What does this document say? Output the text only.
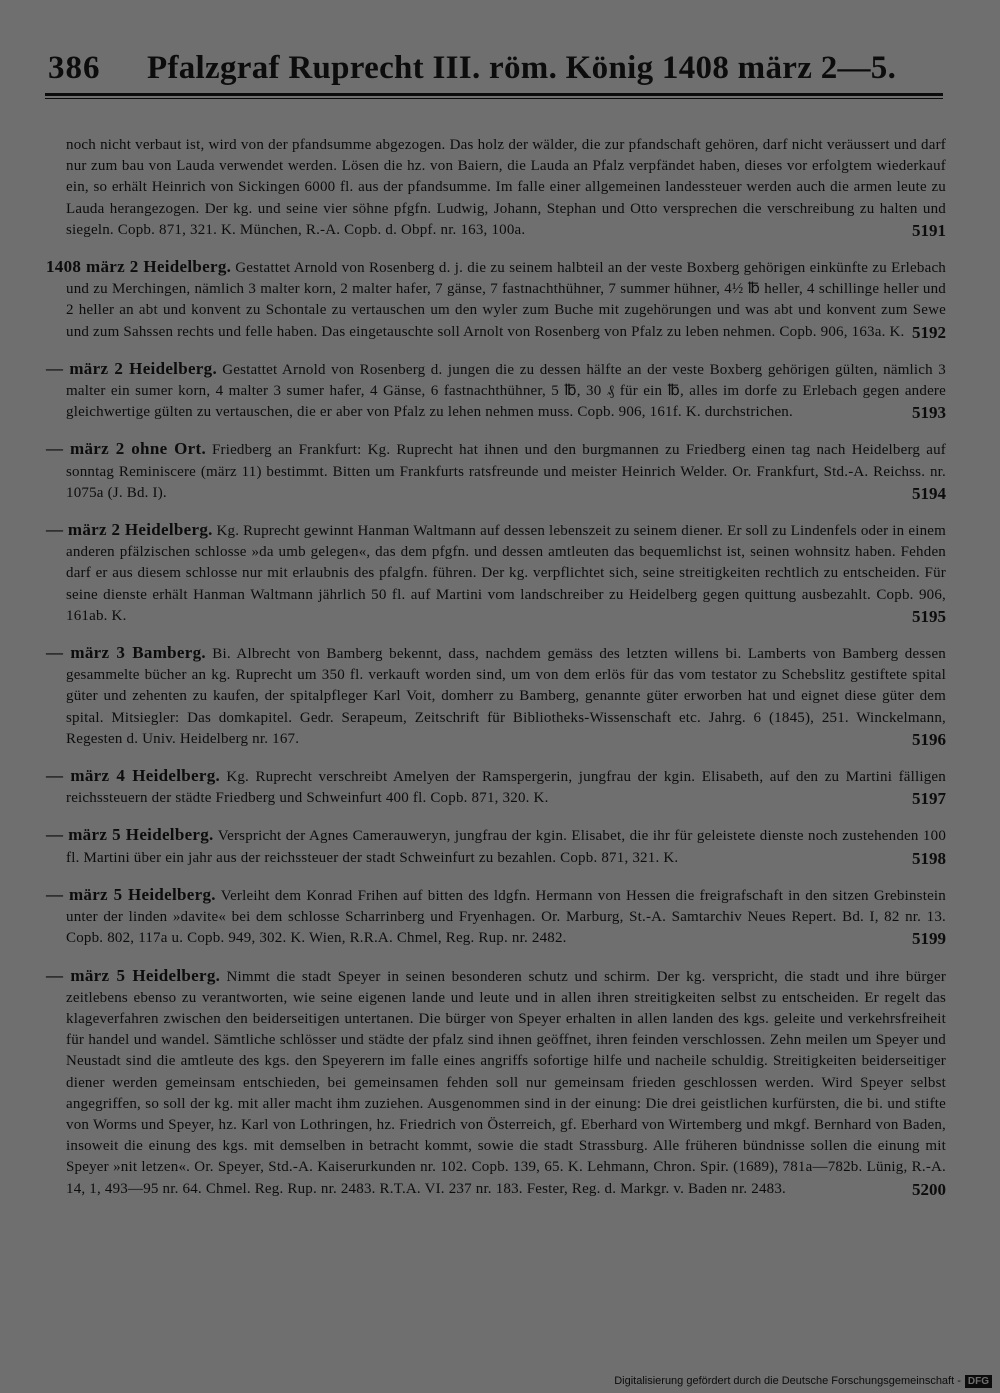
386 Pfalzgraf Ruprecht III. röm. König 1408 märz 2—5.

noch nicht verbaut ist, wird von der pfandsumme abgezogen. Das holz der wälder, die zur pfandschaft gehören, darf nicht veräussert und darf nur zum bau von Lauda verwendet werden. Lösen die hz. von Baiern, die Lauda an Pfalz verpfändet haben, dieses vor erfolgtem wiederkauf ein, so erhält Heinrich von Sickingen 6000 fl. aus der pfandsumme. Im falle einer allgemeinen landessteuer werden auch die armen leute zu Lauda herangezogen. Der kg. und seine vier söhne pfgfn. Ludwig, Johann, Stephan und Otto versprechen die verschreibung zu halten und siegeln. Copb. 871, 321. K. München, R.-A. Copb. d. Obpf. nr. 163, 100a.	5191

1408 märz 2 Heidelberg. Gestattet Arnold von Rosenberg d. j. die zu seinem halbteil an der veste Boxberg gehörigen einkünfte zu Erlebach und zu Merchingen, nämlich 3 malter korn, 2 malter hafer, 7 gänse, 7 fastnachthühner, 7 summer hühner, 4½ ℔ heller, 4 schillinge heller und 2 heller an abt und konvent zu Schontale zu vertauschen um den wyler zum Buche mit zugehörungen und was abt und konvent zum Sewe und zum Sahssen rechts und felle haben. Das eingetauschte soll Arnolt von Rosenberg von Pfalz zu leben nehmen. Copb. 906, 163a. K. 5192

— märz 2 Heidelberg. Gestattet Arnold von Rosenberg d. jungen die zu dessen hälfte an der veste Boxberg gehörigen gülten, nämlich 3 malter ein sumer korn, 4 malter 3 sumer hafer, 4 Gänse, 6 fastnachthühner, 5 ℔, 30 ₰ für ein ℔, alles im dorfe zu Erlebach gegen andere gleichwertige gülten zu vertauschen, die er aber von Pfalz zu lehen nehmen muss. Copb. 906, 161f. K. durchstrichen.	5193

— märz 2 ohne Ort. Friedberg an Frankfurt: Kg. Ruprecht hat ihnen und den burgmannen zu Friedberg einen tag nach Heidelberg auf sonntag Reminiscere (märz 11) bestimmt. Bitten um Frankfurts ratsfreunde und meister Heinrich Welder. Or. Frankfurt, Std.-A. Reichss. nr. 1075a (J. Bd. I).	5194

— märz 2 Heidelberg. Kg. Ruprecht gewinnt Hanman Waltmann auf dessen lebenszeit zu seinem diener. Er soll zu Lindenfels oder in einem anderen pfälzischen schlosse »da umb gelegen«, das dem pfgfn. und dessen amtleuten das bequemlichst ist, seinen wohnsitz haben. Fehden darf er aus diesem schlosse nur mit erlaubnis des pfalgfn. führen. Der kg. verpflichtet sich, seine streitigkeiten rechtlich zu entscheiden. Für seine dienste erhält Hanman Waltmann jährlich 50 fl. auf Martini vom landschreiber zu Heidelberg gegen quittung ausbezahlt. Copb. 906, 161ab. K.	5195

— märz 3 Bamberg. Bi. Albrecht von Bamberg bekennt, dass, nachdem gemäss des letzten willens bi. Lamberts von Bamberg dessen gesammelte bücher an kg. Ruprecht um 350 fl. verkauft worden sind, um von dem erlös für das vom testator zu Schebslitz gestiftete spital güter und zehenten zu kaufen, der spitalpfleger Karl Voit, domherr zu Bamberg, genannte güter erworben hat und eignet diese güter dem spital. Mitsiegler: Das domkapitel. Gedr. Serapeum, Zeitschrift für Bibliotheks-Wissenschaft etc. Jahrg. 6 (1845), 251. Winckelmann, Regesten d. Univ. Heidelberg nr. 167.	5196

— märz 4 Heidelberg. Kg. Ruprecht verschreibt Amelyen der Ramspergerin, jungfrau der kgin. Elisabeth, auf den zu Martini fälligen reichssteuern der städte Friedberg und Schweinfurt 400 fl. Copb. 871, 320. K.	5197

— märz 5 Heidelberg. Verspricht der Agnes Camerauweryn, jungfrau der kgin. Elisabet, die ihr für geleistete dienste noch zustehenden 100 fl. Martini über ein jahr aus der reichssteuer der stadt Schweinfurt zu bezahlen. Copb. 871, 321. K.	5198

— märz 5 Heidelberg. Verleiht dem Konrad Frihen auf bitten des ldgfn. Hermann von Hessen die freigrafschaft in den sitzen Grebinstein unter der linden »davite« bei dem schlosse Scharrinberg und Fryenhagen. Or. Marburg, St.-A. Samtarchiv Neues Repert. Bd. I, 82 nr. 13. Copb. 802, 117a u. Copb. 949, 302. K. Wien, R.R.A. Chmel, Reg. Rup. nr. 2482.	5199

— märz 5 Heidelberg. Nimmt die stadt Speyer in seinen besonderen schutz und schirm. Der kg. verspricht, die stadt und ihre bürger zeitlebens ebenso zu verantworten, wie seine eigenen lande und leute und in allen ihren streitigkeiten selbst zu entscheiden. Er regelt das klageverfahren zwischen den beiderseitigen untertanen. Die bürger von Speyer erhalten in allen landen des kgs. geleite und verkehrsfreiheit für handel und wandel. Sämtliche schlösser und städte der pfalz sind ihnen geöffnet, ihren feinden verschlossen. Zehn meilen um Speyer und Neustadt sind die amtleute des kgs. den Speyerern im falle eines angriffs sofortige hilfe und nacheile schuldig. Streitigkeiten beiderseitiger diener werden gemeinsam entschieden, bei gemeinsamen fehden soll nur gemeinsam frieden geschlossen werden. Wird Speyer selbst angegriffen, so soll der kg. mit aller macht ihm zuziehen. Ausgenommen sind in der einung: Die drei geistlichen kurfürsten, die bi. und stifte von Worms und Speyer, hz. Karl von Lothringen, hz. Friedrich von Österreich, gf. Eberhard von Wirtemberg und mkgf. Bernhard von Baden, insoweit die einung des kgs. mit demselben in betracht kommt, sowie die stadt Strassburg. Alle früheren bündnisse sollen die einung mit Speyer »nit letzen«. Or. Speyer, Std.-A. Kaiserurkunden nr. 102. Copb. 139, 65. K. Lehmann, Chron. Spir. (1689), 781a—782b. Lünig, R.-A. 14, 1, 493—95 nr. 64. Chmel. Reg. Rup. nr. 2483. R.T.A. VI. 237 nr. 183. Fester, Reg. d. Markgr. v. Baden nr. 2483.	5200

Digitalisierung gefördert durch die Deutsche Forschungsgemeinschaft - DFG
